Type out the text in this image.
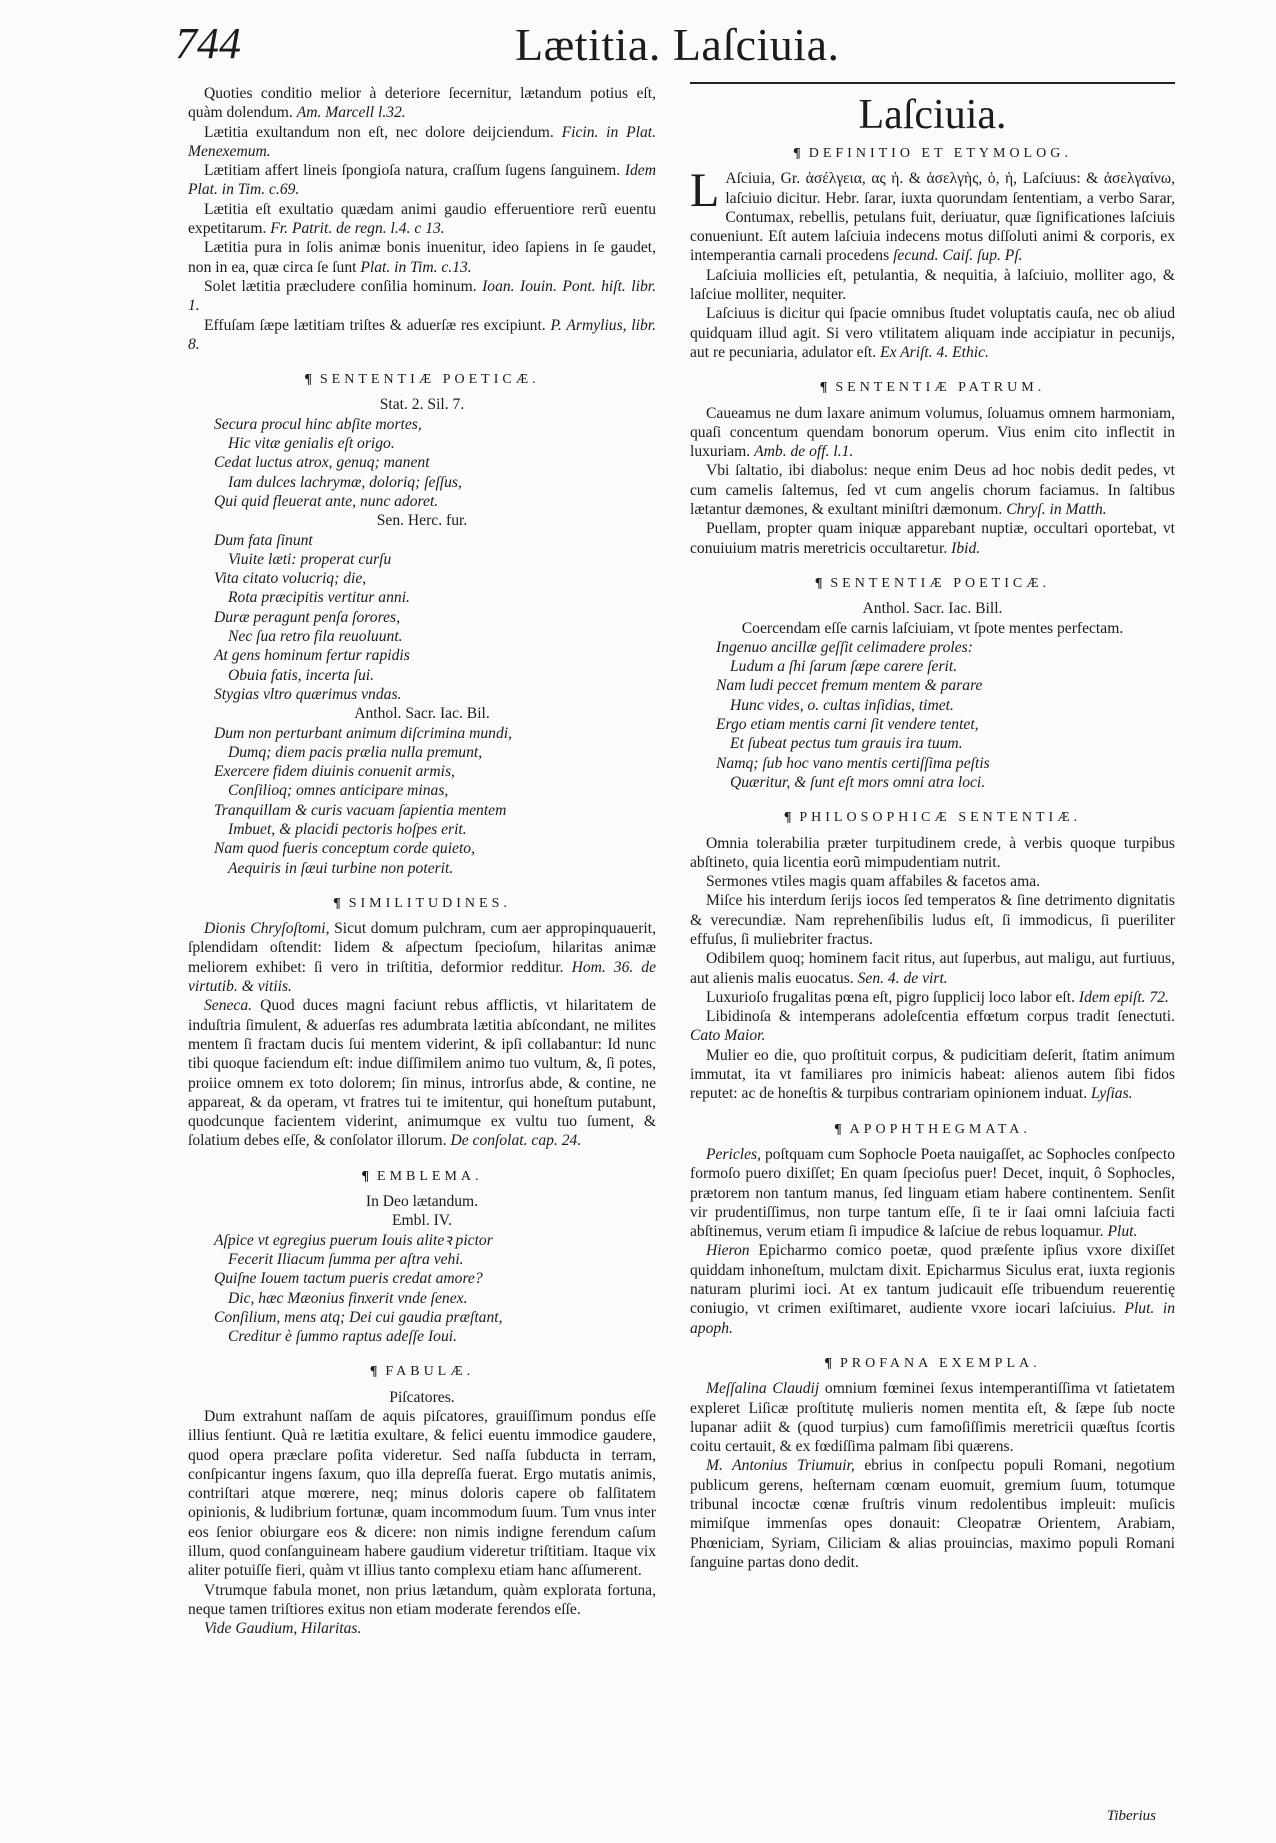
744	Lætitia. Laſciuia.

Quoties conditio melior à deteriore ſecernitur, lætandum potius eſt, quàm dolendum. Am. Marcell l.32.

Lætitia exultandum non eſt, nec dolore deijciendum. Ficin. in Plat. Menexemum.

Lætitiam affert lineis ſpongioſa natura, craſſum ſugens ſanguinem. Idem Plat. in Tim. c.69.

Lætitia eſt exultatio quædam animi gaudio efferuentiore rerũ euentu expetitarum. Fr. Patrit. de regn. l.4. c 13.

Lætitia pura in ſolis animæ bonis inuenitur, ideo ſapiens in ſe gaudet, non in ea, quæ circa ſe ſunt Plat. in Tim. c.13.

Solet lætitia præcludere conſilia hominum. Ioan. Iouin. Pont. hiſt. libr. 1.

Effuſam ſæpe lætitiam triſtes & aduerſæ res excipiunt. P. Armylius, libr. 8.

¶ SENTENTIÆ POETICÆ.

Stat. 2. Sil. 7.

Secura procul hinc abſite mortes,

Hic vitæ genialis eſt origo.

Cedat luctus atrox, genuq; manent

Iam dulces lachrymæ, doloriq; ſeſſus,

Qui quid fleuerat ante, nunc adoret.

Sen. Herc. fur.

Dum fata ſinunt

Viuite læti: properat curſu

Vita citato volucriq; die,

Rota præcipitis vertitur anni.

Duræ peragunt penſa ſorores,

Nec ſua retro fila reuoluunt.

At gens hominum fertur rapidis

Obuia fatis, incerta ſui.

Stygias vltro quærimus vndas.

Anthol. Sacr. Iac. Bil.

Dum non perturbant animum diſcrimina mundi,

Dumq; diem pacis prælia nulla premunt,

Exercere fidem diuinis conuenit armis,

Conſilioq; omnes anticipare minas,

Tranquillam & curis vacuam ſapientia mentem

Imbuet, & placidi pectoris hoſpes erit.

Nam quod fueris conceptum corde quieto,

Aequiris in ſæui turbine non poterit.

¶ SIMILITUDINES.

Dionis Chryſoſtomi, Sicut domum pulchram, cum aer appropinquauerit, ſplendidam oſtendit: Iidem & aſpectum ſpecioſum, hilaritas animæ meliorem exhibet: ſi vero in triſtitia, deformior redditur. Hom. 36. de virtutib. & vitiis.

Seneca. Quod duces magni faciunt rebus afflictis, vt hilaritatem de induſtria ſimulent, & aduerſas res adumbrata lætitia abſcondant, ne milites mentem ſi fractam ducis ſui mentem viderint, & ipſi collabantur: Id nunc tibi quoque faciendum eſt: indue diſſimilem animo tuo vultum, &, ſi potes, proiice omnem ex toto dolorem; ſin minus, introrſus abde, & contine, ne appareat, & da operam, vt fratres tui te imitentur, qui honeſtum putabunt, quodcunque facientem viderint, animumque ex vultu tuo ſument, & ſolatium debes eſſe, & conſolator illorum. De conſolat. cap. 24.

¶ EMBLEMA.

In Deo lætandum.

Embl. IV.

Aſpice vt egregius puerum Iouis aliteꝛ pictor

Fecerit Iliacum ſumma per aſtra vehi.

Quiſne Iouem tactum pueris credat amore?

Dic, hæc Mæonius finxerit vnde ſenex.

Conſilium, mens atq; Dei cui gaudia præſtant,

Creditur è ſummo raptus adeſſe Ioui.

¶ FABULÆ.

Piſcatores.

Dum extrahunt naſſam de aquis piſcatores, grauiſſimum pondus eſſe illius ſentiunt. Quà re lætitia exultare, & felici euentu immodice gaudere, quod opera præclare poſita videretur. Sed naſſa ſubducta in terram, conſpicantur ingens ſaxum, quo illa depreſſa fuerat. Ergo mutatis animis, contriſtari atque mœrere, neq; minus doloris capere ob falſitatem opinionis, & ludibrium fortunæ, quam incommodum ſuum. Tum vnus inter eos ſenior obiurgare eos & dicere: non nimis indigne ferendum caſum illum, quod conſanguineam habere gaudium videretur triſtitiam. Itaque vix aliter potuiſſe fieri, quàm vt illius tanto complexu etiam hanc aſſumerent.

Vtrumque fabula monet, non prius lætandum, quàm explorata fortuna, neque tamen triſtiores exitus non etiam moderate ferendos eſſe.

Vide Gaudium, Hilaritas.

Laſciuia.
¶ DEFINITIO ET ETYMOLOG.

L Aſciuia, Gr. ἀσέλγεια, ας ἡ. & ἀσελγὴς, ὁ, ἡ, Laſciuus: & ἀσελγαίνω, laſciuio dicitur. Hebr. ſarar, iuxta quorundam ſententiam, a verbo Sarar, Contumax, rebellis, petulans fuit, deriuatur, quæ ſignificationes laſciuis conueniunt. Eſt autem laſciuia indecens motus diſſoluti animi & corporis, ex intemperantia carnali procedens ſecund. Caiſ. ſup. Pſ.

Laſciuia mollicies eſt, petulantia, & nequitia, à laſciuio, molliter ago, & laſciue molliter, nequiter.

Laſciuus is dicitur qui ſpacie omnibus ſtudet voluptatis cauſa, nec ob aliud quidquam illud agit. Si vero vtilitatem aliquam inde accipiatur in pecunijs, aut re pecuniaria, adulator eſt. Ex Ariſt. 4. Ethic.

¶ SENTENTIÆ PATRUM.

Caueamus ne dum laxare animum volumus, ſoluamus omnem harmoniam, quaſi concentum quendam bonorum operum. Vius enim cito inflectit in luxuriam. Amb. de off. l.1.

Vbi ſaltatio, ibi diabolus: neque enim Deus ad hoc nobis dedit pedes, vt cum camelis ſaltemus, ſed vt cum angelis chorum faciamus. In ſaltibus lætantur dæmones, & exultant miniſtri dæmonum. Chryſ. in Matth.

Puellam, propter quam iniquæ apparebant nuptiæ, occultari oportebat, vt conuiuium matris meretricis occultaretur. Ibid.

¶ SENTENTIÆ POETICÆ.

Anthol. Sacr. Iac. Bill.

Coercendam eſſe carnis laſciuiam, vt ſpote mentes perfectam.

Ingenuo ancillæ geſſit celimadere proles:

Ludum a ſhi ſarum ſæpe carere ſerit.

Nam ludi peccet fremum mentem & parare

Hunc vides, o. cultas inſidias, timet.

Ergo etiam mentis carni ſit vendere tentet,

Et ſubeat pectus tum grauis ira tuum.

Namq; ſub hoc vano mentis certiſſima peſtis

Quæritur, & ſunt eſt mors omni atra loci.

¶ PHILOSOPHICÆ SENTENTIÆ.

Omnia tolerabilia præter turpitudinem crede, à verbis quoque turpibus abſtineto, quia licentia eorũ mimpudentiam nutrit.

Sermones vtiles magis quam affabiles & facetos ama.

Miſce his interdum ſerijs iocos ſed temperatos & ſine detrimento dignitatis & verecundiæ. Nam reprehenſibilis ludus eſt, ſi immodicus, ſi pueriliter effuſus, ſi muliebriter fractus.

Odibilem quoq; hominem facit ritus, aut ſuperbus, aut maligu, aut furtiuus, aut alienis malis euocatus. Sen. 4. de virt.

Luxurioſo frugalitas pœna eſt, pigro ſupplicij loco labor eſt. Idem epiſt. 72.

Libidinoſa & intemperans adoleſcentia effœtum corpus tradit ſenectuti. Cato Maior.

Mulier eo die, quo proſtituit corpus, & pudicitiam deſerit, ſtatim animum immutat, ita vt familiares pro inimicis habeat: alienos autem ſibi fidos reputet: ac de honeſtis & turpibus contrariam opinionem induat. Lyſias.

¶ APOPHTHEGMATA.

Pericles, poſtquam cum Sophocle Poeta nauigaſſet, ac Sophocles conſpecto formoſo puero dixiſſet; En quam ſpecioſus puer! Decet, inquit, ô Sophocles, prætorem non tantum manus, ſed linguam etiam habere continentem. Senſit vir prudentiſſimus, non turpe tantum eſſe, ſi te ir ſaai omni laſciuia facti abſtinemus, verum etiam ſi impudice & laſciue de rebus loquamur. Plut.

Hieron Epicharmo comico poetæ, quod præſente ipſius vxore dixiſſet quiddam inhoneſtum, mulctam dixit. Epicharmus Siculus erat, iuxta regionis naturam plurimi ioci. At ex tantum judicauit eſſe tribuendum reuerentię coniugio, vt crimen exiſtimaret, audiente vxore iocari laſciuius. Plut. in apoph.

¶ PROFANA EXEMPLA.

Meſſalina Claudij omnium fœminei ſexus intemperantiſſima vt ſatietatem expleret Liſicæ proſtitutę mulieris nomen mentita eſt, & ſæpe ſub nocte lupanar adiit & (quod turpius) cum famoſiſſimis meretricii quæſtus ſcortis coitu certauit, & ex fœdiſſima palmam ſibi quærens.

M. Antonius Triumuir, ebrius in conſpectu populi Romani, negotium publicum gerens, heſternam cœnam euomuit, gremium ſuum, totumque tribunal incoctæ cœnæ fruſtris vinum redolentibus impleuit: muſicis mimiſque immenſas opes donauit: Cleopatræ Orientem, Arabiam, Phœniciam, Syriam, Ciliciam & alias prouincias, maximo populi Romani ſanguine partas dono dedit.

Tiberius
